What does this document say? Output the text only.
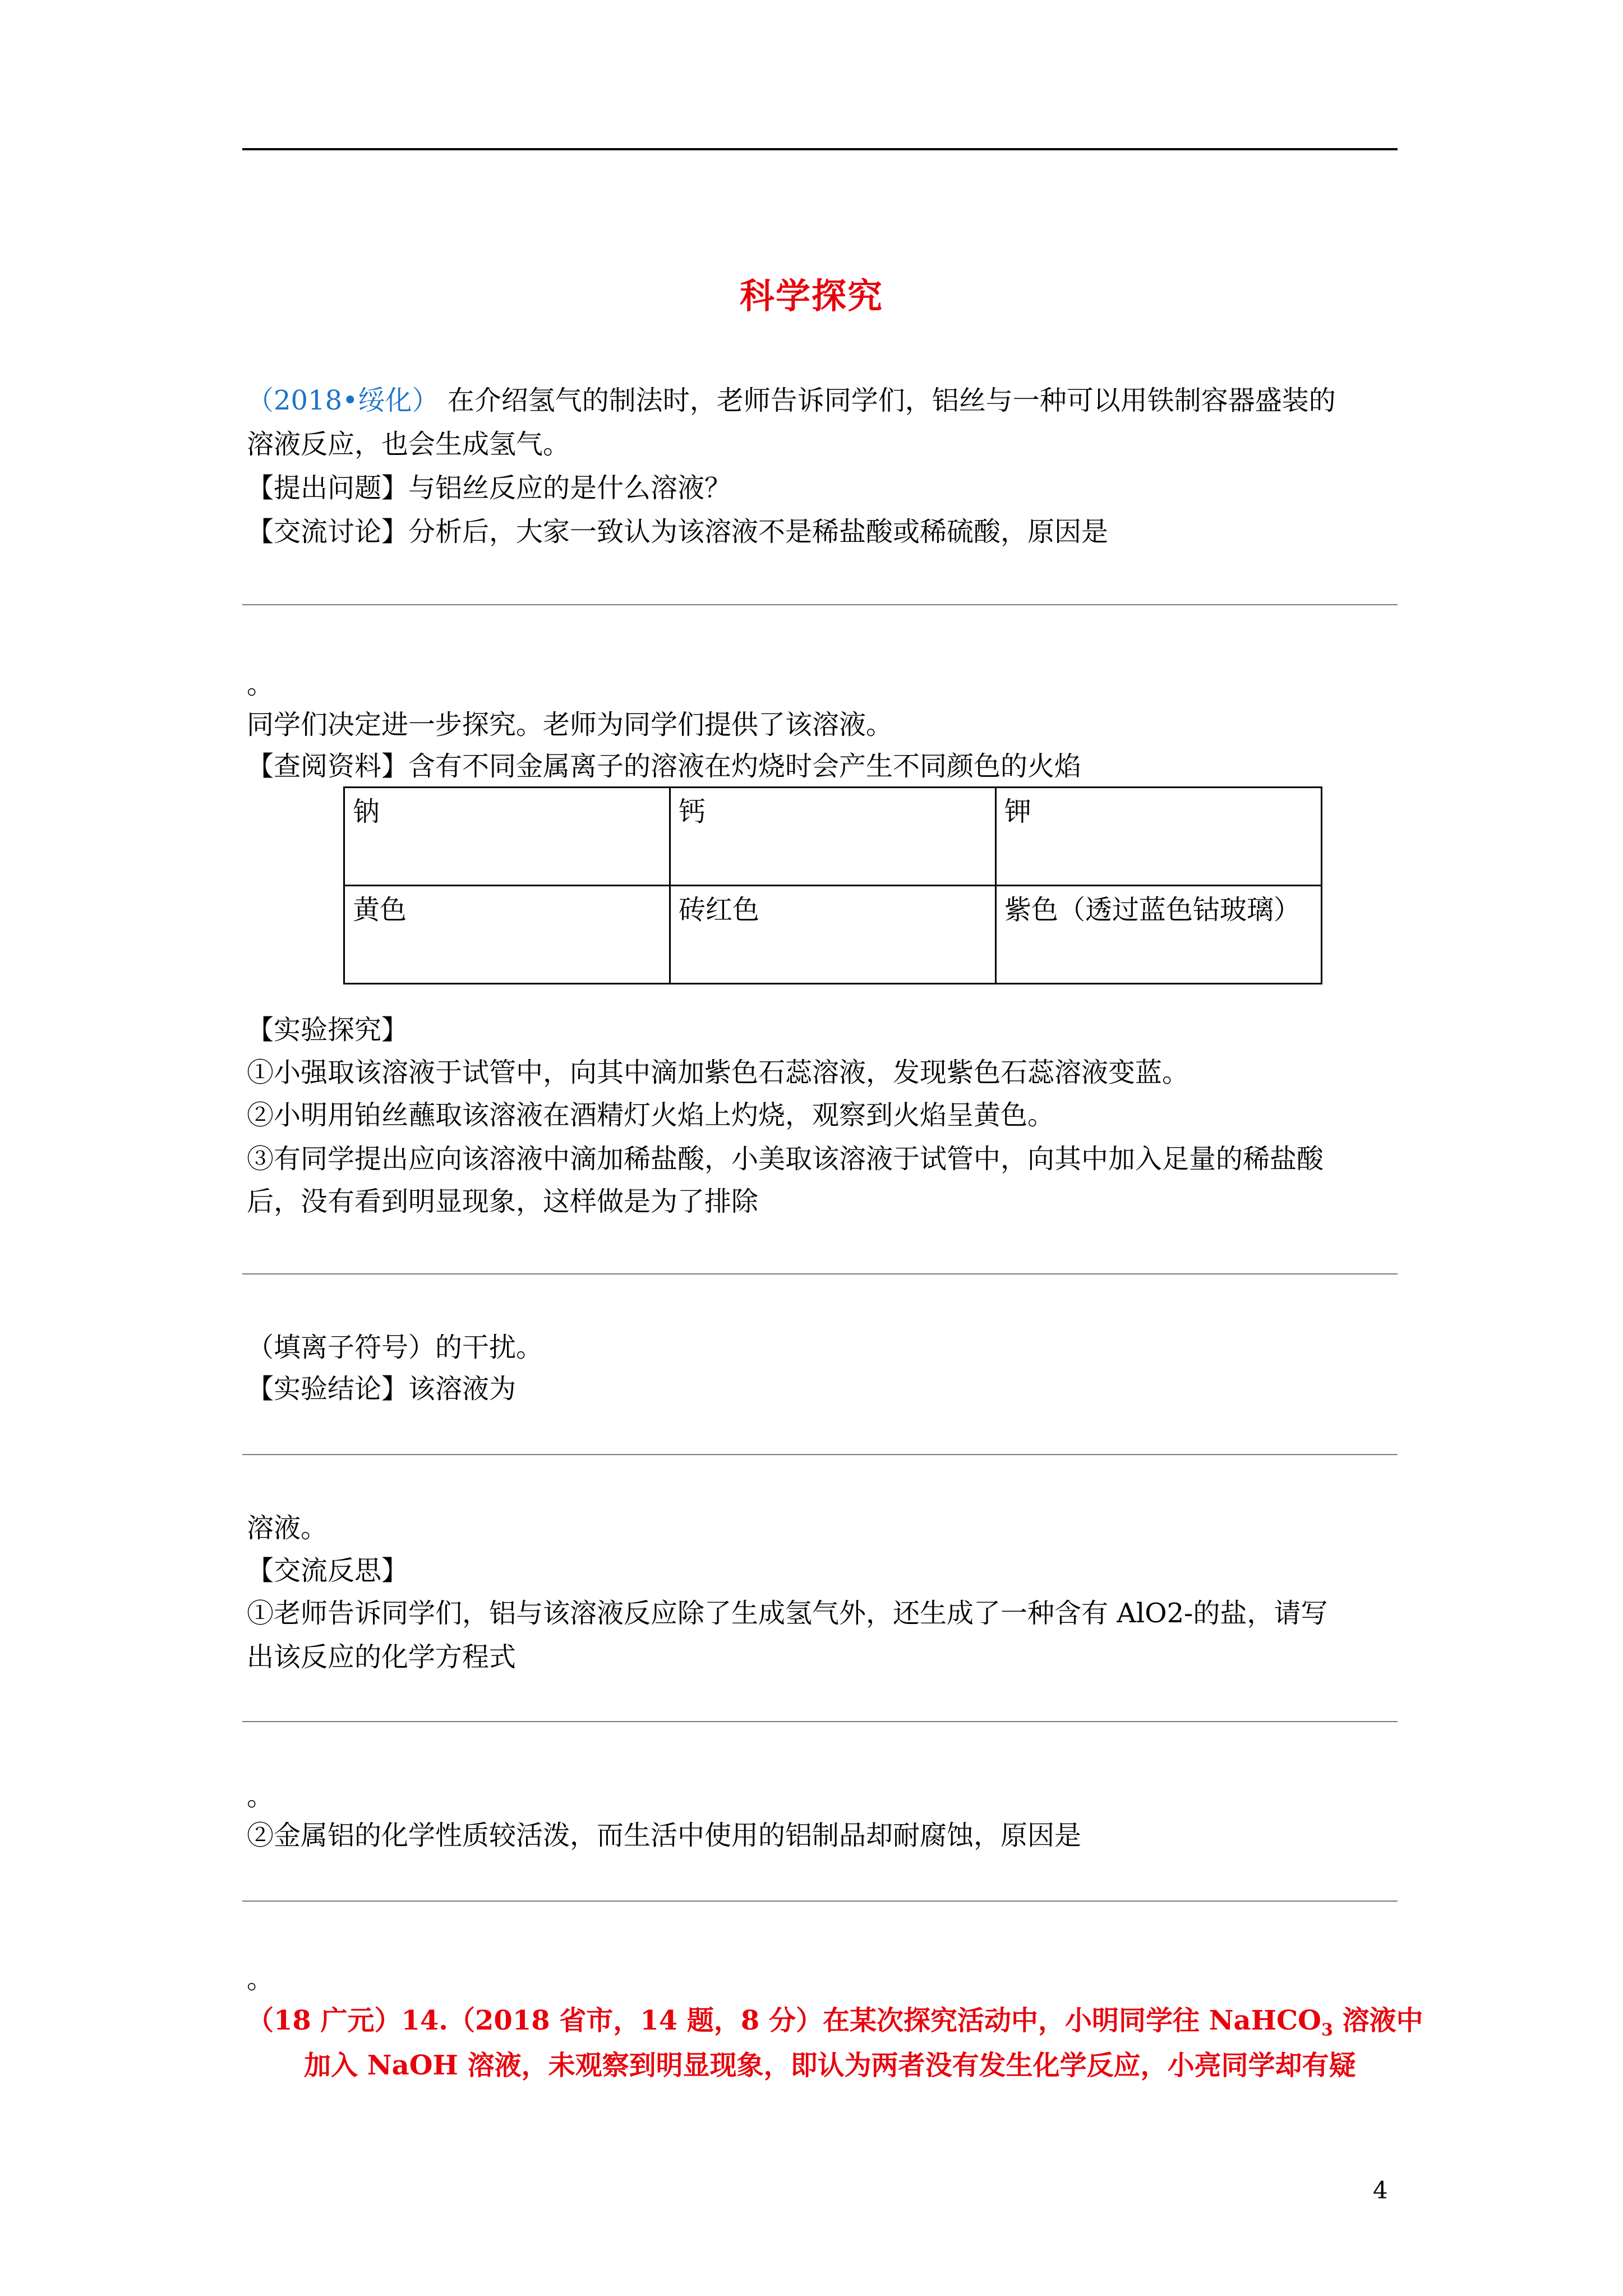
科学探究
（2018•绥化） 在介绍氢气的制法时，老师告诉同学们，铝丝与一种可以用铁制容器盛装的
溶液反应，也会生成氢气。
【提出问题】与铝丝反应的是什么溶液？
【交流讨论】分析后，大家一致认为该溶液不是稀盐酸或稀硫酸，原因是
。
同学们决定进一步探究。老师为同学们提供了该溶液。
【查阅资料】含有不同金属离子的溶液在灼烧时会产生不同颜色的火焰
钠	钙	钾
黄色	砖红色	紫色（透过蓝色钴玻璃）
【实验探究】
①小强取该溶液于试管中，向其中滴加紫色石蕊溶液，发现紫色石蕊溶液变蓝。
②小明用铂丝蘸取该溶液在酒精灯火焰上灼烧，观察到火焰呈黄色。
③有同学提出应向该溶液中滴加稀盐酸，小美取该溶液于试管中，向其中加入足量的稀盐酸
后，没有看到明显现象，这样做是为了排除
（填离子符号）的干扰。
【实验结论】该溶液为
溶液。
【交流反思】
①老师告诉同学们，铝与该溶液反应除了生成氢气外，还生成了一种含有 AlO2-的盐，请写
出该反应的化学方程式
。
②金属铝的化学性质较活泼，而生活中使用的铝制品却耐腐蚀，原因是
。
（18 广元）14.（2018 省市，14 题，8 分）在某次探究活动中，小明同学往 NaHCO$_3$ 溶液中
加入 NaOH 溶液，未观察到明显现象，即认为两者没有发生化学反应，小亮同学却有疑
4
